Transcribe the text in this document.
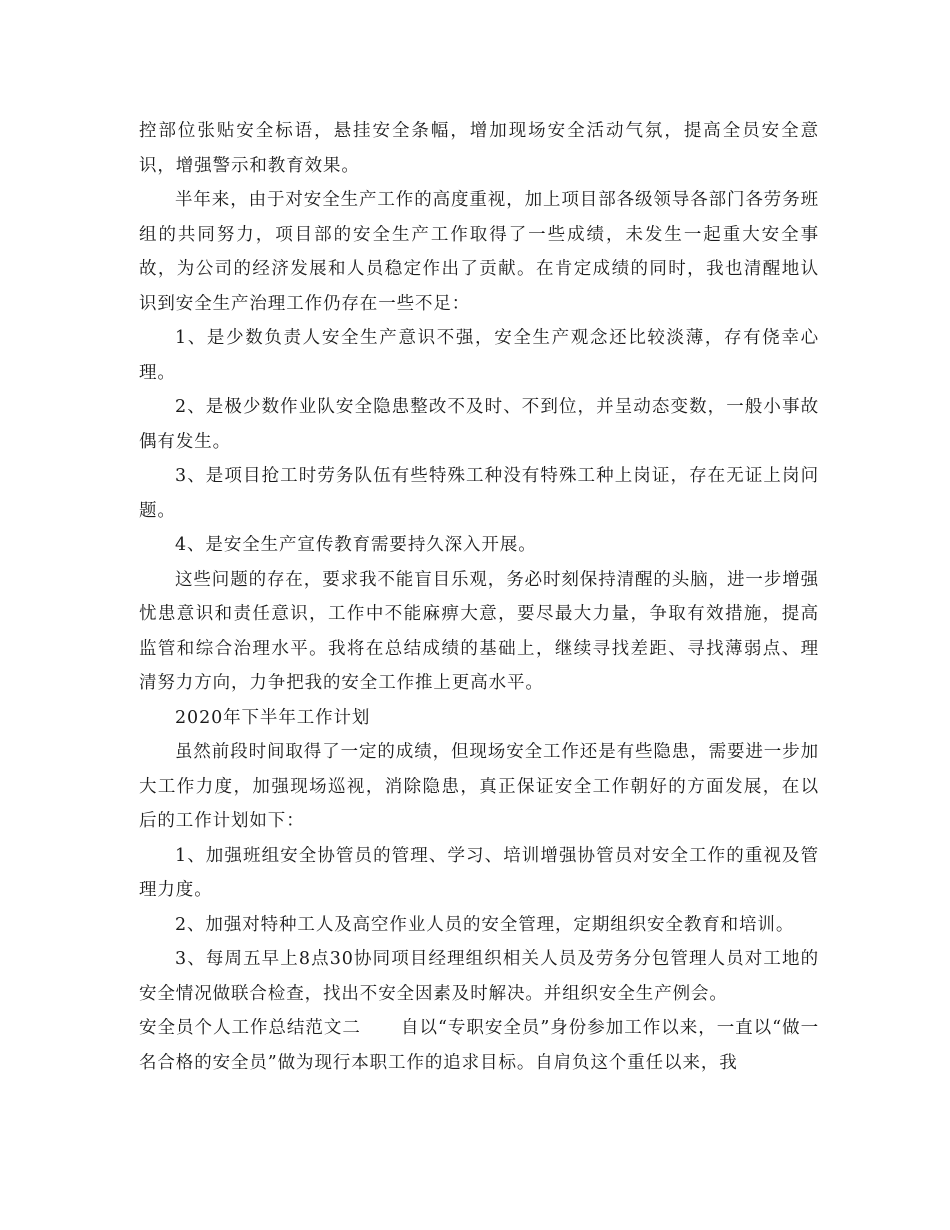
控部位张贴安全标语，悬挂安全条幅，增加现场安全活动气氛，提高全员安全意识，增强警示和教育效果。

半年来，由于对安全生产工作的高度重视，加上项目部各级领导各部门各劳务班组的共同努力，项目部的安全生产工作取得了一些成绩，未发生一起重大安全事故，为公司的经济发展和人员稳定作出了贡献。在肯定成绩的同时，我也清醒地认识到安全生产治理工作仍存在一些不足：

1、是少数负责人安全生产意识不强，安全生产观念还比较淡薄，存有侥幸心理。

2、是极少数作业队安全隐患整改不及时、不到位，并呈动态变数，一般小事故偶有发生。

3、是项目抢工时劳务队伍有些特殊工种没有特殊工种上岗证，存在无证上岗问题。

4、是安全生产宣传教育需要持久深入开展。

这些问题的存在，要求我不能盲目乐观，务必时刻保持清醒的头脑，进一步增强忧患意识和责任意识，工作中不能麻痹大意，要尽最大力量，争取有效措施，提高监管和综合治理水平。我将在总结成绩的基础上，继续寻找差距、寻找薄弱点、理清努力方向，力争把我的安全工作推上更高水平。

2020年下半年工作计划

虽然前段时间取得了一定的成绩，但现场安全工作还是有些隐患，需要进一步加大工作力度，加强现场巡视，消除隐患，真正保证安全工作朝好的方面发展，在以后的工作计划如下：

1、加强班组安全协管员的管理、学习、培训增强协管员对安全工作的重视及管理力度。

2、加强对特种工人及高空作业人员的安全管理，定期组织安全教育和培训。

3、每周五早上8点30协同项目经理组织相关人员及劳务分包管理人员对工地的安全情况做联合检查，找出不安全因素及时解决。并组织安全生产例会。

安全员个人工作总结范文二 自以“专职安全员”身份参加工作以来，一直以“做一名合格的安全员”做为现行本职工作的追求目标。自肩负这个重任以来，我
